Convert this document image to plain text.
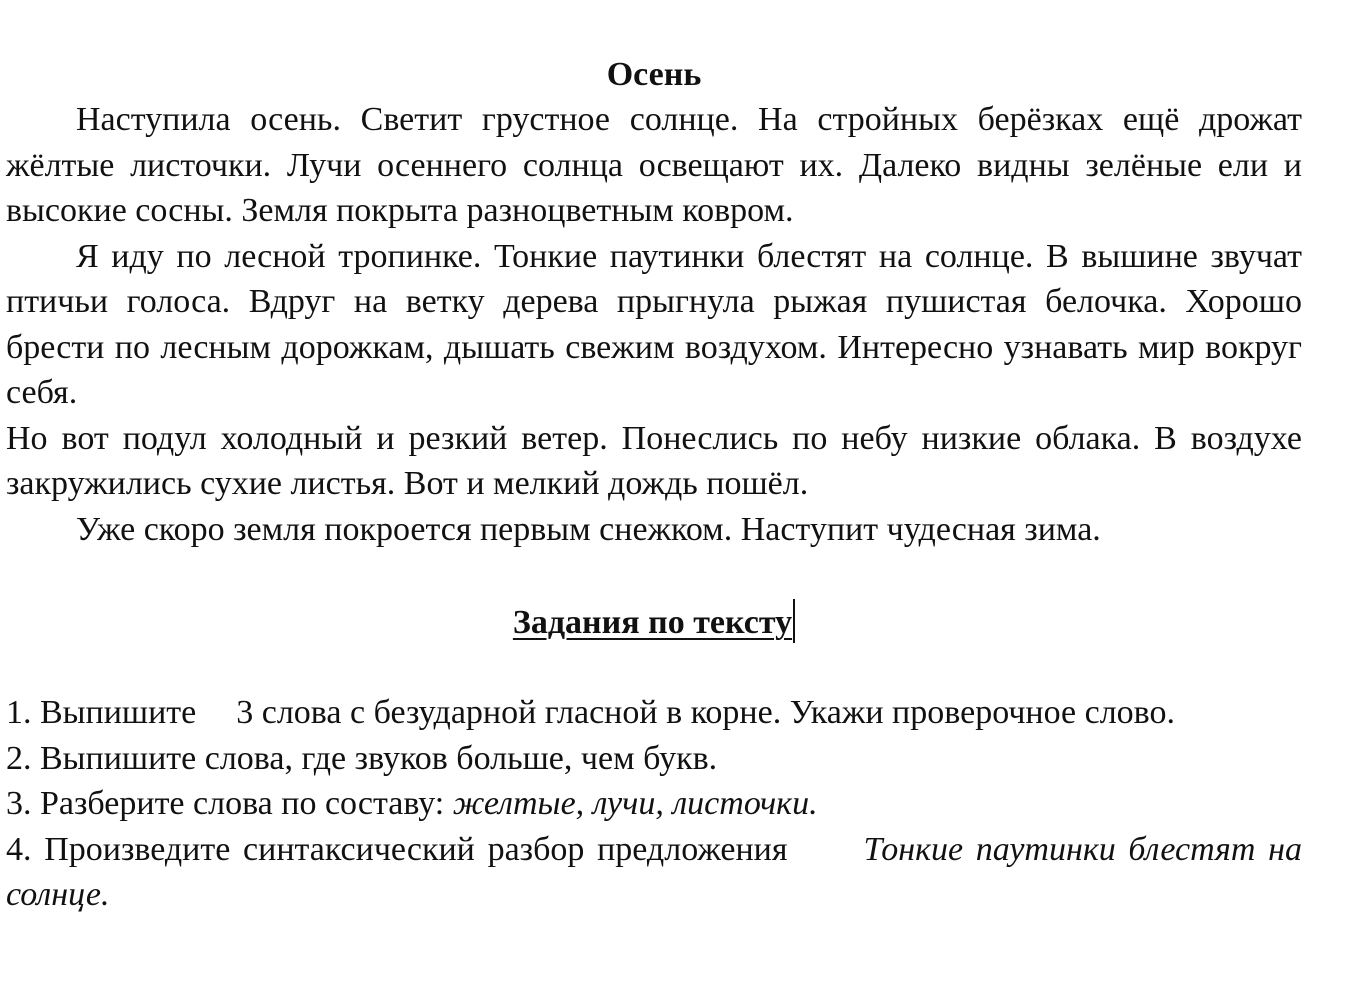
Осень

Наступила осень. Светит грустное солнце. На стройных берёзках ещё дрожат жёлтые листочки. Лучи осеннего солнца освещают их. Далеко видны зелёные ели и высокие сосны. Земля покрыта разноцветным ковром.

Я иду по лесной тропинке. Тонкие паутинки блестят на солнце. В вышине звучат птичьи голоса. Вдруг на ветку дерева прыгнула рыжая пушистая белочка. Хорошо брести по лесным дорожкам, дышать свежим воздухом. Интересно узнавать мир вокруг себя.

Но вот подул холодный и резкий ветер. Понеслись по небу низкие облака. В воздухе закружились сухие листья. Вот и мелкий дождь пошёл.

Уже скоро земля покроется первым снежком. Наступит чудесная зима.

Задания по тексту

1. Выпишите 3 слова с безударной гласной в корне. Укажи проверочное слово.

2. Выпишите слова, где звуков больше, чем букв.

3. Разберите слова по составу: желтые, лучи, листочки.

4. Произведите синтаксический разбор предложения Тонкие паутинки блестят на солнце.
